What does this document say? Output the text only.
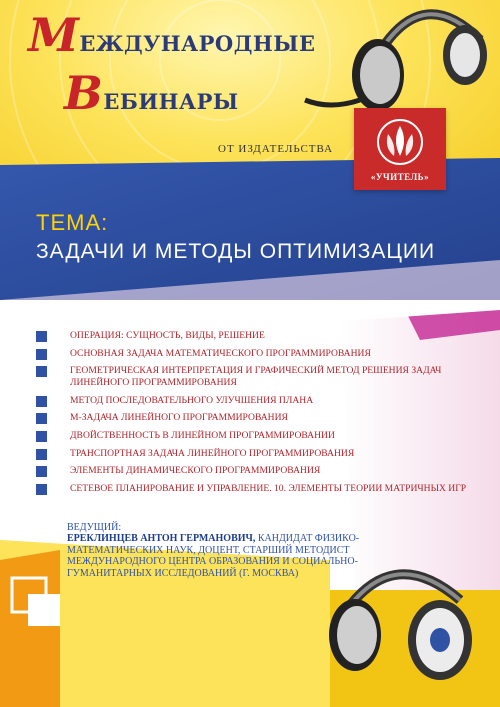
МЕЖДУНАРОДНЫЕ
ВЕБИНАРЫ
ОТ ИЗДАТЕЛЬСТВА
«УЧИТЕЛЬ»
ТЕМА:
ЗАДАЧИ И МЕТОДЫ ОПТИМИЗАЦИИ
ОПЕРАЦИЯ: СУЩНОСТЬ, ВИДЫ, РЕШЕНИЕ
ОСНОВНАЯ ЗАДАЧА МАТЕМАТИЧЕСКОГО ПРОГРАММИРОВАНИЯ
ГЕОМЕТРИЧЕСКАЯ ИНТЕРПРЕТАЦИЯ И ГРАФИЧЕСКИЙ МЕТОД РЕШЕНИЯ ЗАДАЧ ЛИНЕЙНОГО ПРОГРАММИРОВАНИЯ
МЕТОД ПОСЛЕДОВАТЕЛЬНОГО УЛУЧШЕНИЯ ПЛАНА
М-ЗАДАЧА ЛИНЕЙНОГО ПРОГРАММИРОВАНИЯ
ДВОЙСТВЕННОСТЬ В ЛИНЕЙНОМ ПРОГРАММИРОВАНИИ
ТРАНСПОРТНАЯ ЗАДАЧА ЛИНЕЙНОГО ПРОГРАММИРОВАНИЯ
ЭЛЕМЕНТЫ ДИНАМИЧЕСКОГО ПРОГРАММИРОВАНИЯ
СЕТЕВОЕ ПЛАНИРОВАНИЕ И УПРАВЛЕНИЕ. 10. ЭЛЕМЕНТЫ ТЕОРИИ МАТРИЧНЫХ ИГР
ВЕДУЩИЙ:
ЕРЕКЛИНЦЕВ АНТОН ГЕРМАНОВИЧ, КАНДИДАТ ФИЗИКО-МАТЕМАТИЧЕСКИХ НАУК, ДОЦЕНТ, СТАРШИЙ МЕТОДИСТ МЕЖДУНАРОДНОГО ЦЕНТРА ОБРАЗОВАНИЯ И СОЦИАЛЬНО-ГУМАНИТАРНЫХ ИССЛЕДОВАНИЙ (Г. МОСКВА)
